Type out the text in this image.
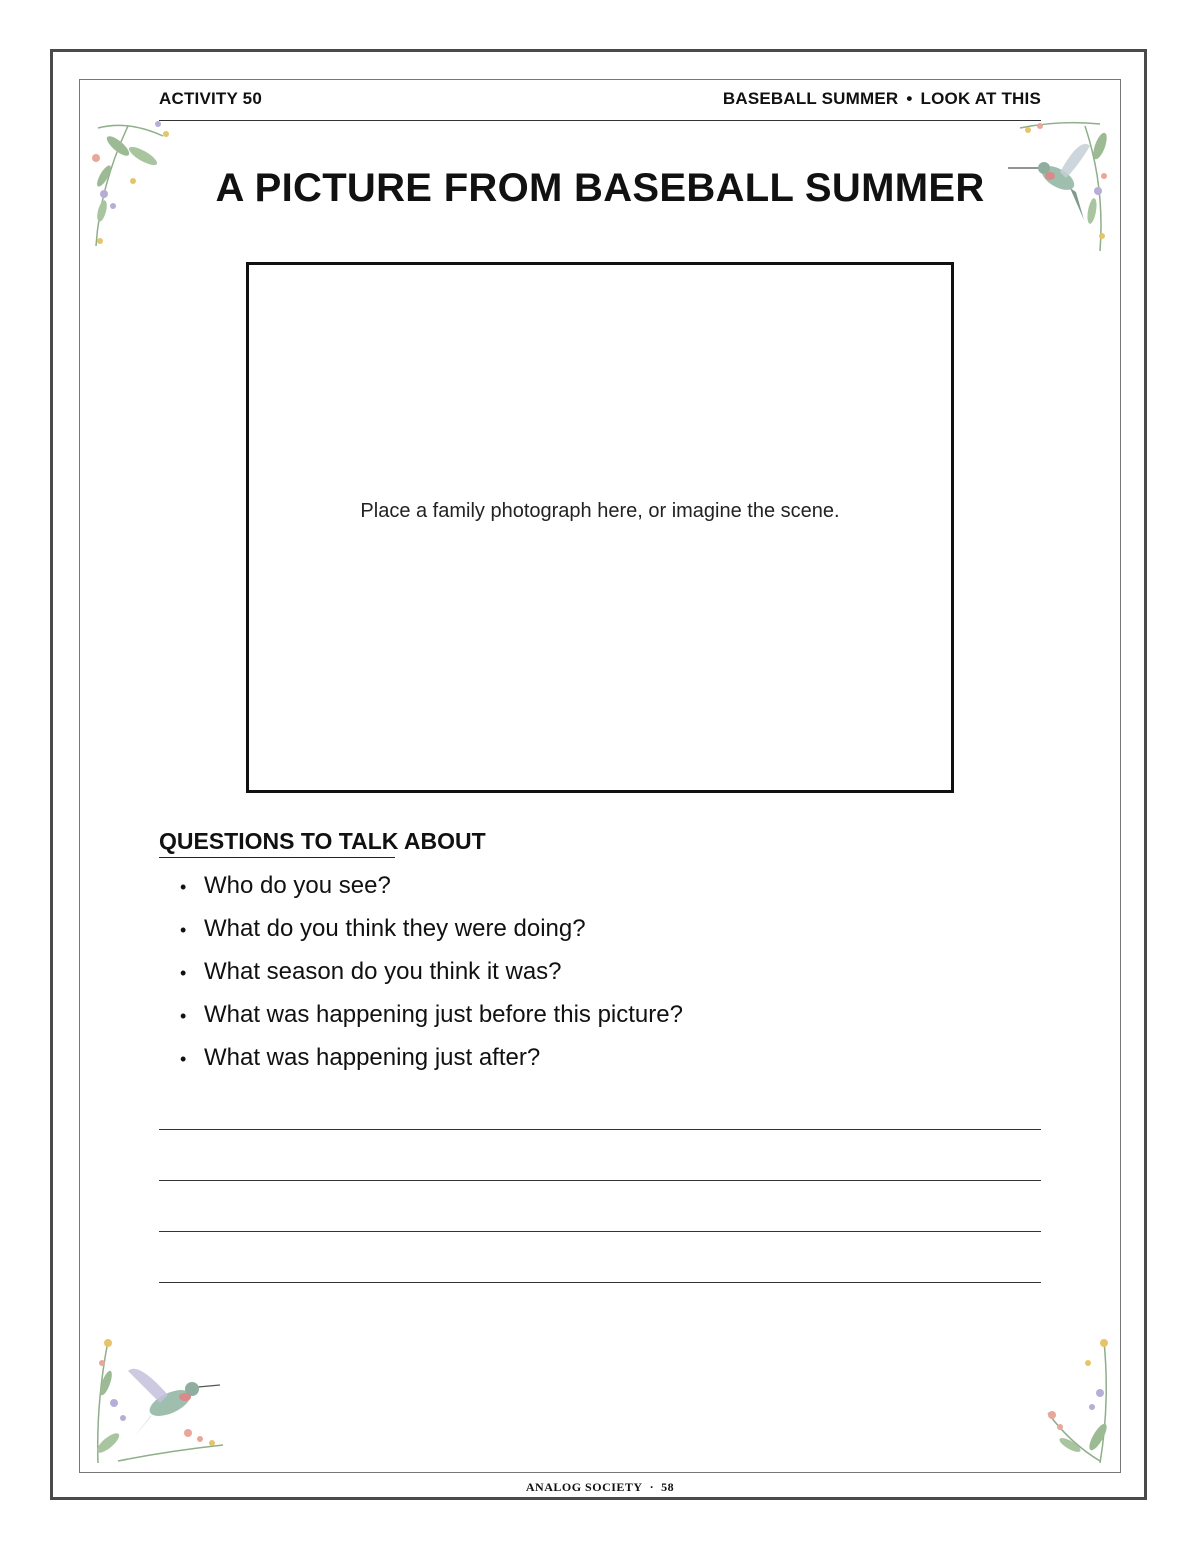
ACTIVITY 50	BASEBALL SUMMER • LOOK AT THIS
A PICTURE FROM BASEBALL SUMMER
Place a family photograph here, or imagine the scene.
QUESTIONS TO TALK ABOUT
• Who do you see?
• What do you think they were doing?
• What season do you think it was?
• What was happening just before this picture?
• What was happening just after?
ANALOG SOCIETY · 58
